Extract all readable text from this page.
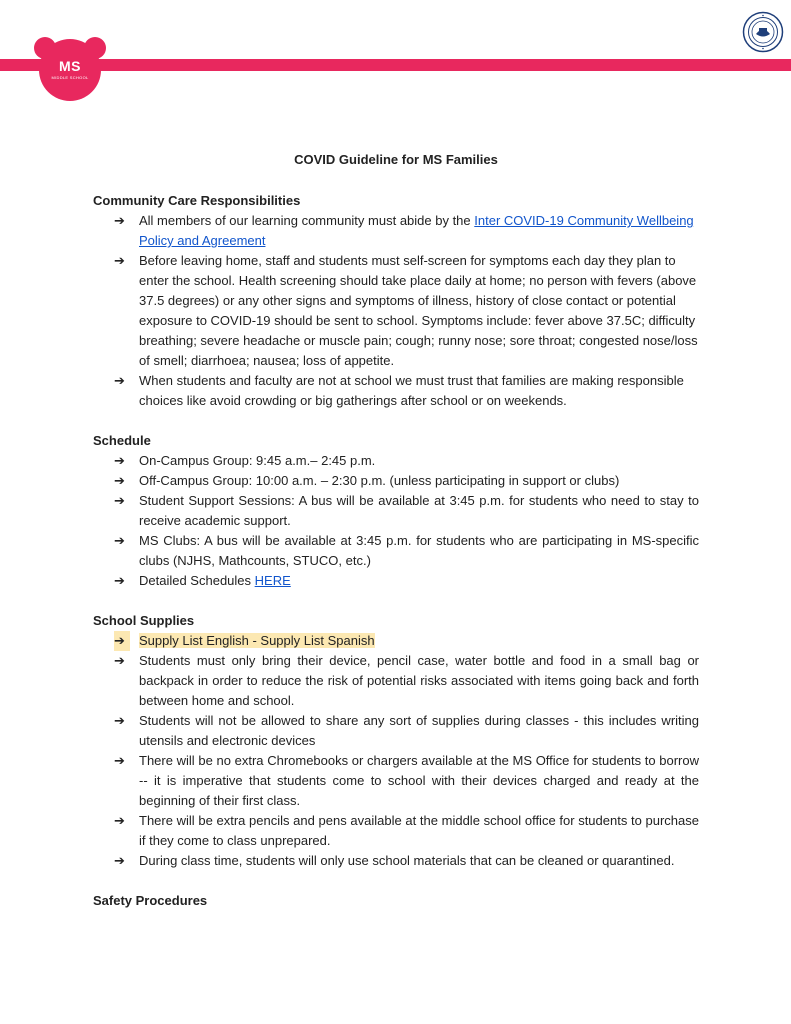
MS
MIDDLE SCHOOL
COVID Guideline for MS Families
Community Care Responsibilities
➔	All members of our learning community must abide by the Inter COVID-19 Community Wellbeing Policy and Agreement
➔	Before leaving home, staff and students must self-screen for symptoms each day they plan to enter the school. Health screening should take place daily at home; no person with fevers (above 37.5 degrees) or any other signs and symptoms of illness, history of close contact or potential exposure to COVID-19 should be sent to school. Symptoms include: fever above 37.5C; difficulty breathing; severe headache or muscle pain; cough; runny nose; sore throat; congested nose/loss of smell; diarrhoea; nausea; loss of appetite.
➔	When students and faculty are not at school we must trust that families are making responsible choices like avoid crowding or big gatherings after school or on weekends.
Schedule
➔	On-Campus Group: 9:45 a.m.– 2:45 p.m.
➔	Off-Campus Group: 10:00 a.m. – 2:30 p.m. (unless participating in support or clubs)
➔	Student Support Sessions: A bus will be available at 3:45 p.m. for students who need to stay to receive academic support.
➔	MS Clubs: A bus will be available at 3:45 p.m. for students who are participating in MS-specific clubs (NJHS, Mathcounts, STUCO, etc.)
➔	Detailed Schedules HERE
School Supplies
➔	Supply List English - Supply List Spanish
➔	Students must only bring their device, pencil case, water bottle and food in a small bag or backpack in order to reduce the risk of potential risks associated with items going back and forth between home and school.
➔	Students will not be allowed to share any sort of supplies during classes - this includes writing utensils and electronic devices
➔	There will be no extra Chromebooks or chargers available at the MS Office for students to borrow -- it is imperative that students come to school with their devices charged and ready at the beginning of their first class.
➔	There will be extra pencils and pens available at the middle school office for students to purchase if they come to class unprepared.
➔	During class time, students will only use school materials that can be cleaned or quarantined.
Safety Procedures
